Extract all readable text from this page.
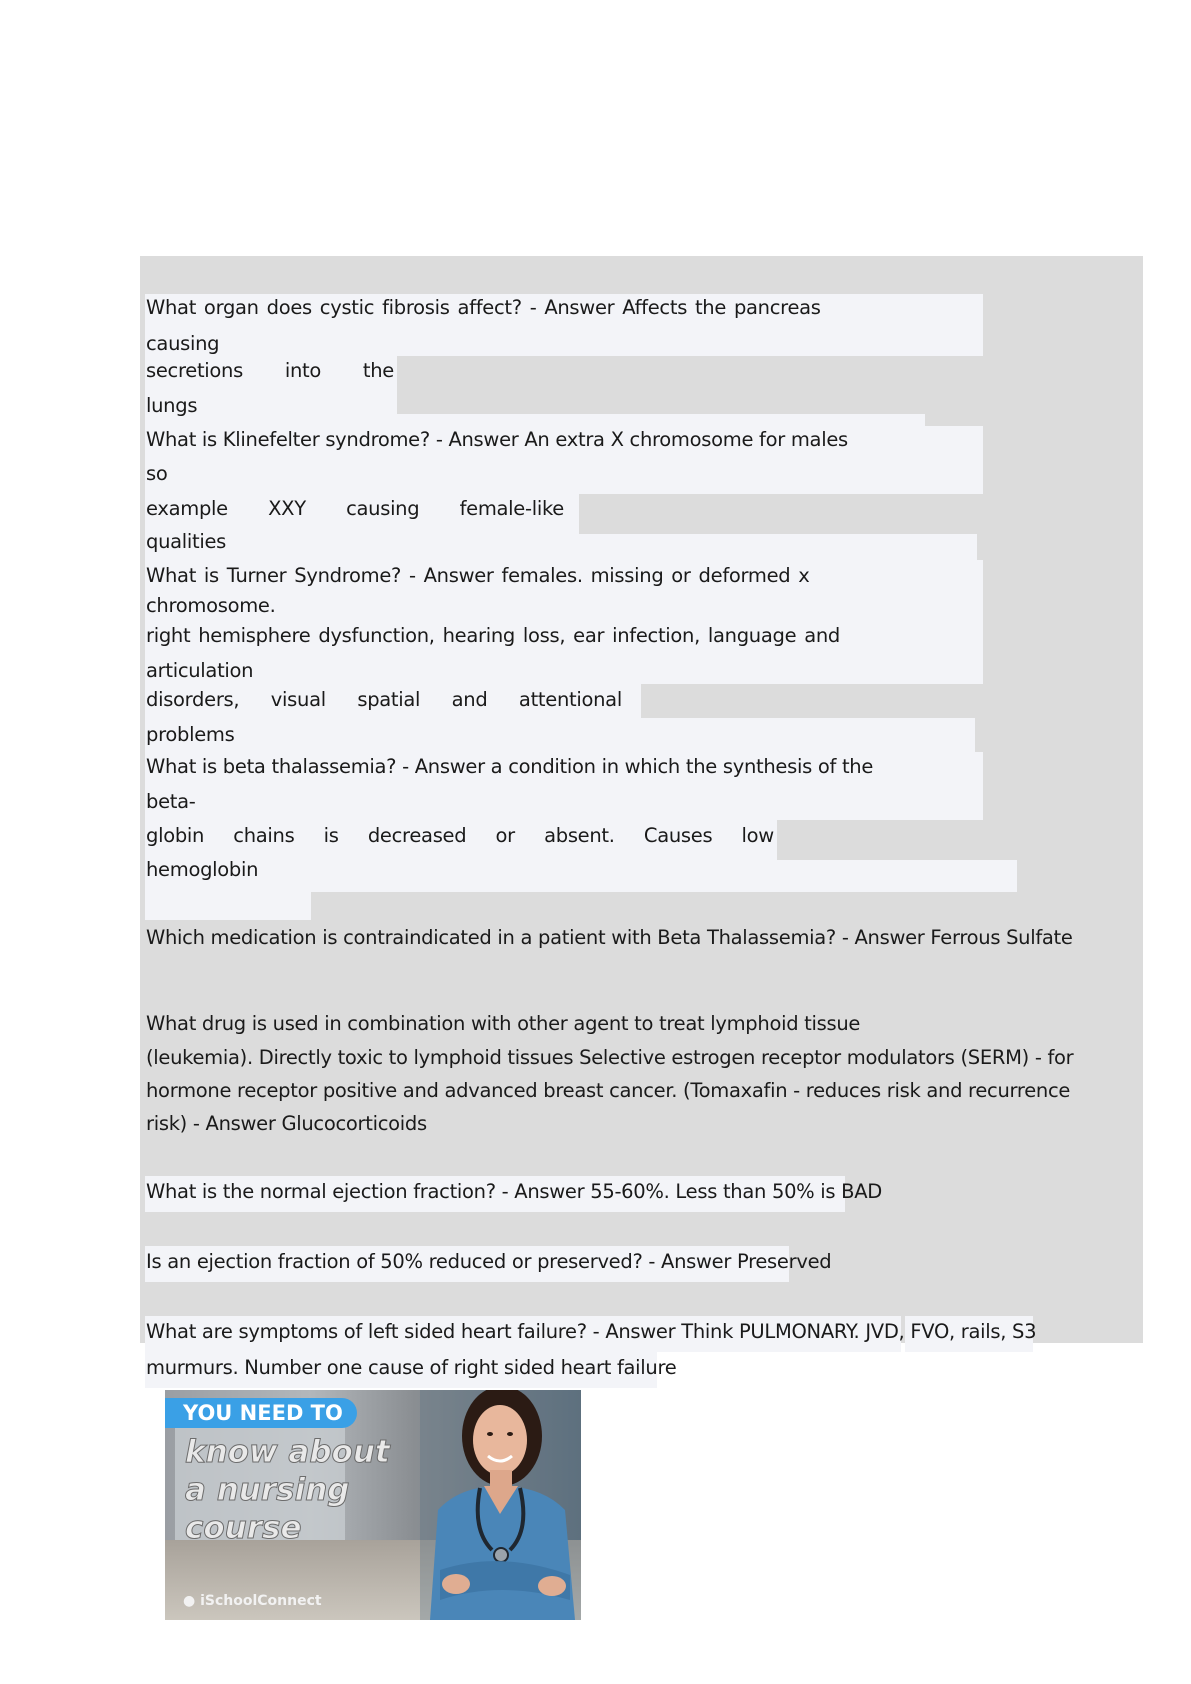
What organ does cystic fibrosis affect? - Answer Affects the pancreas
causing
secretions into the
lungs
What is Klinefelter syndrome? - Answer An extra X chromosome for males
so
example XXY causing female-like
qualities
What is Turner Syndrome? - Answer females. missing or deformed x
chromosome.
right hemisphere dysfunction, hearing loss, ear infection, language and
articulation
disorders, visual spatial and attentional
problems
What is beta thalassemia? - Answer a condition in which the synthesis of the
beta-
globin chains is decreased or absent. Causes low
hemoglobin
Which medication is contraindicated in a patient with Beta Thalassemia? - Answer Ferrous Sulfate
What drug is used in combination with other agent to treat lymphoid tissue
(leukemia). Directly toxic to lymphoid tissues Selective estrogen receptor modulators (SERM) - for
hormone receptor positive and advanced breast cancer. (Tomaxafin - reduces risk and recurrence
risk) - Answer Glucocorticoids
What is the normal ejection fraction? - Answer 55-60%. Less than 50% is BAD
Is an ejection fraction of 50% reduced or preserved? - Answer Preserved
What are symptoms of left sided heart failure? - Answer Think PULMONARY. JVD, FVO, rails, S3
murmurs. Number one cause of right sided heart failure
YOU NEED TO
know about
a nursing
course
● iSchoolConnect
